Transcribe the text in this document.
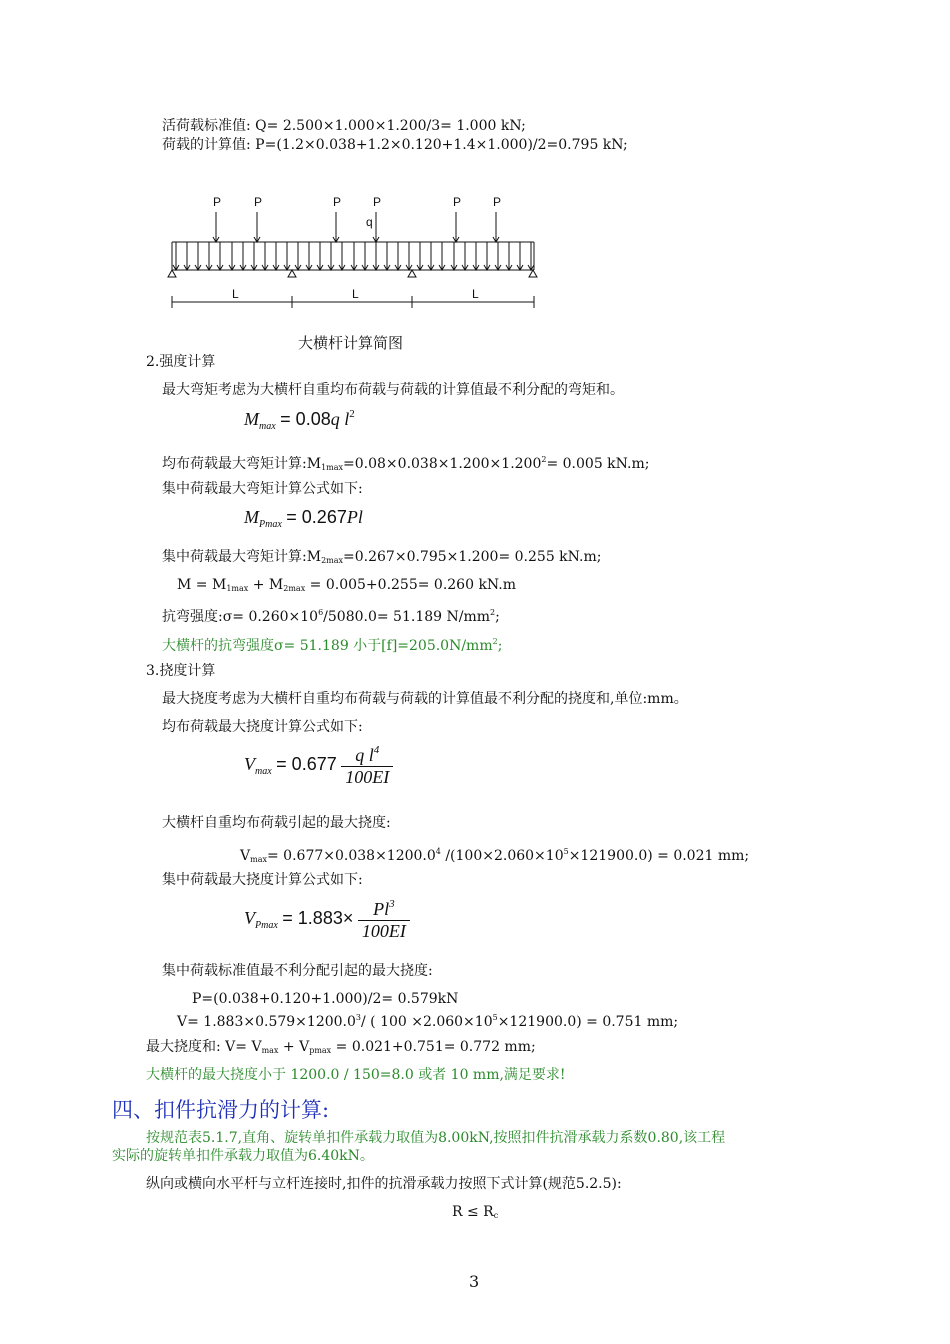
活荷载标准值: Q= 2.500×1.000×1.200/3= 1.000 kN;
荷载的计算值: P=(1.2×0.038+1.2×0.120+1.4×1.000)/2=0.795 kN;
P	P	P	P	P	P
q
L	L	L
大横杆计算简图
2.强度计算
最大弯矩考虑为大横杆自重均布荷载与荷载的计算值最不利分配的弯矩和。
$M_{max} = 0.08q$ $l^2$
均布荷载最大弯矩计算$:M_{1max}=0.08\times 0.038\times 1.200\times 1.200^2= 0.005$ kN.m;
集中荷载最大弯矩计算公式如下:
$M_{Pmax} = 0.267Pl$
集中荷载最大弯矩计算$:M_{2max}=0.267\times 0.795\times 1.200= 0.255$ kN.m;
$M = M_{1max} + M_{2max} = 0.005+0.255= 0.260$ kN.m
抗弯强度:σ= $0.260\times 10^6/5080.0= 51.189$ $N/mm^2$;
大横杆的抗弯强度σ= 51.189 小于$[f]=205.0N/mm^2$;
3.挠度计算
最大挠度考虑为大横杆自重均布荷载与荷载的计算值最不利分配的挠度和,单位:mm。
均布荷载最大挠度计算公式如下:
$V_{max} = 0.677 \frac{q l^4}{100EI}$
大横杆自重均布荷载引起的最大挠度:
$V_{max}= 0.677\times 0.038\times 1200.0^4$ $/(100\times 2.060\times 10^5\times 121900.0) = 0.021$ mm;
集中荷载最大挠度计算公式如下:
$V_{Pmax} = 1.883\times \frac{Pl^3}{100EI}$
集中荷载标准值最不利分配引起的最大挠度:
P=(0.038+0.120+1.000)/2= 0.579kN
$V= 1.883\times 0.579\times 1200.0^3/$ ( $100 \times 2.060\times 10^5\times 121900.0) = 0.751$ mm;
最大挠度和: $V= V_{max} + V_{pmax} = 0.021+0.751= 0.772$ mm;
大横杆的最大挠度小于 1200.0 / 150=8.0 或者 10 mm,满足要求!
四、扣件抗滑力的计算:
按规范表5.1.7,直角、旋转单扣件承载力取值为8.00kN,按照扣件抗滑承载力系数0.80,该工程
实际的旋转单扣件承载力取值为6.40kN。
纵向或横向水平杆与立杆连接时,扣件的抗滑承载力按照下式计算(规范5.2.5):
$R \le R_c$
3
